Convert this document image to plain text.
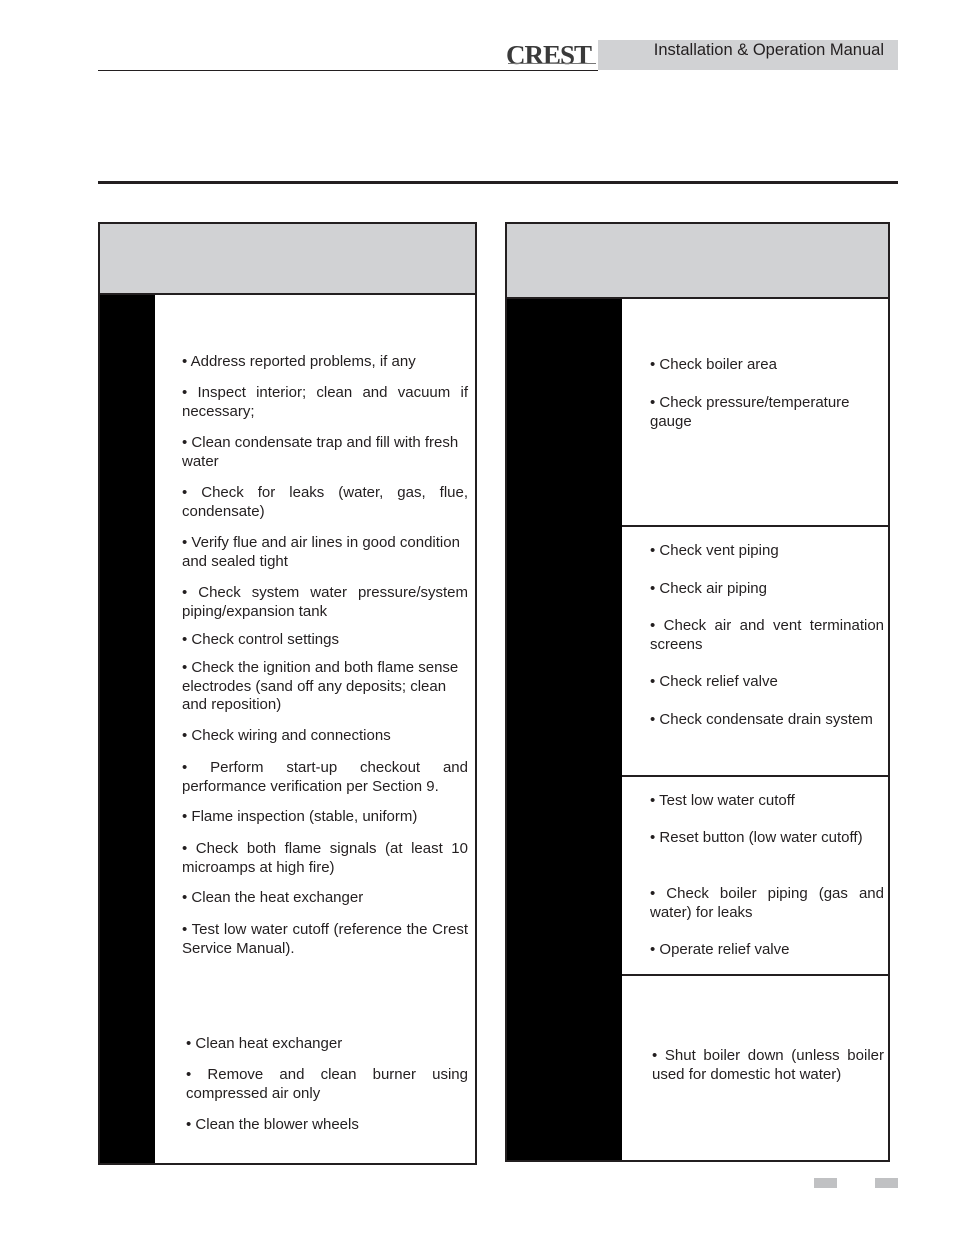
CREST	Installation & Operation Manual
• Address reported problems, if any
• Inspect interior; clean and vacuum if necessary;
• Clean condensate trap and fill with fresh water
• Check for leaks (water, gas, flue, condensate)
• Verify flue and air lines in good condition and sealed tight
• Check system water pressure/system piping/expansion tank
• Check control settings
• Check the ignition and both flame sense electrodes (sand off any deposits; clean and reposition)
• Check wiring and connections
• Perform start-up checkout and performance verification per Section 9.
• Flame inspection (stable, uniform)
• Check both flame signals (at least 10 microamps at high fire)
• Clean the heat exchanger
• Test low water cutoff (reference the Crest Service Manual).
• Clean heat exchanger
• Remove and clean burner using compressed air only
• Clean the blower wheels
• Check boiler area
• Check pressure/temperature gauge
• Check vent piping
• Check air piping
• Check air and vent termination screens
• Check relief valve
• Check condensate drain system
• Test low water cutoff
• Reset button (low water cutoff)
• Check boiler piping (gas and water) for leaks
• Operate relief valve
• Shut boiler down (unless boiler used for domestic hot water)
